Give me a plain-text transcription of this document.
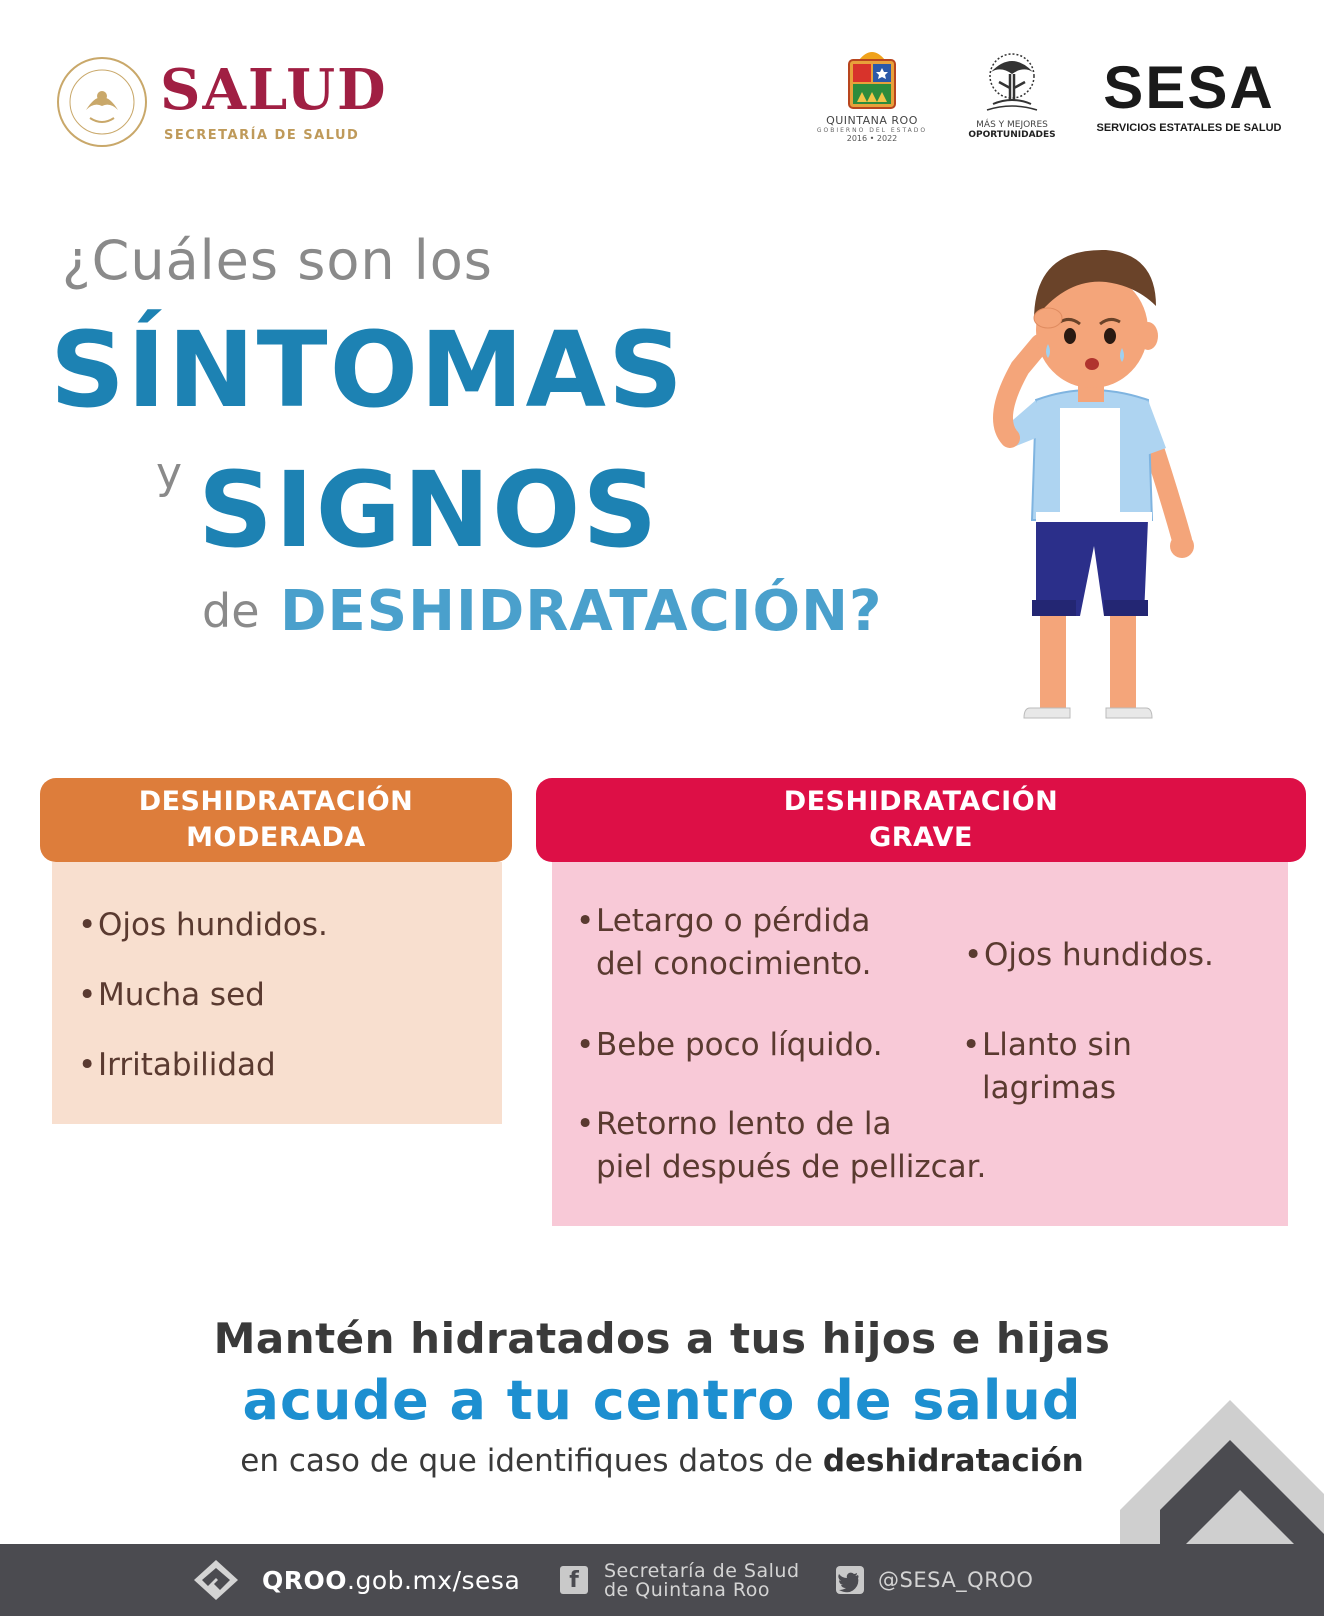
SALUD
SECRETARÍA DE SALUD
QUINTANA ROO
GOBIERNO DEL ESTADO
2016 • 2022
MÁS Y MEJORES
OPORTUNIDADES
SESA
SERVICIOS ESTATALES DE SALUD
¿Cuáles son los
SÍNTOMAS
y SIGNOS
de DESHIDRATACIÓN?
DESHIDRATACIÓN
MODERADA
•Ojos hundidos.
•Mucha sed
•Irritabilidad
DESHIDRATACIÓN
GRAVE
•Letargo o pérdida
del conocimiento.
•Bebe poco líquido.
•Retorno lento de la
piel después de pellizcar.
•Ojos hundidos.
•Llanto sin
lagrimas
Mantén hidratados a tus hijos e hijas
acude a tu centro de salud
en caso de que identifiques datos de deshidratación
QROO.gob.mx/sesa	f	Secretaría de Salud
de Quintana Roo	@SESA_QROO
